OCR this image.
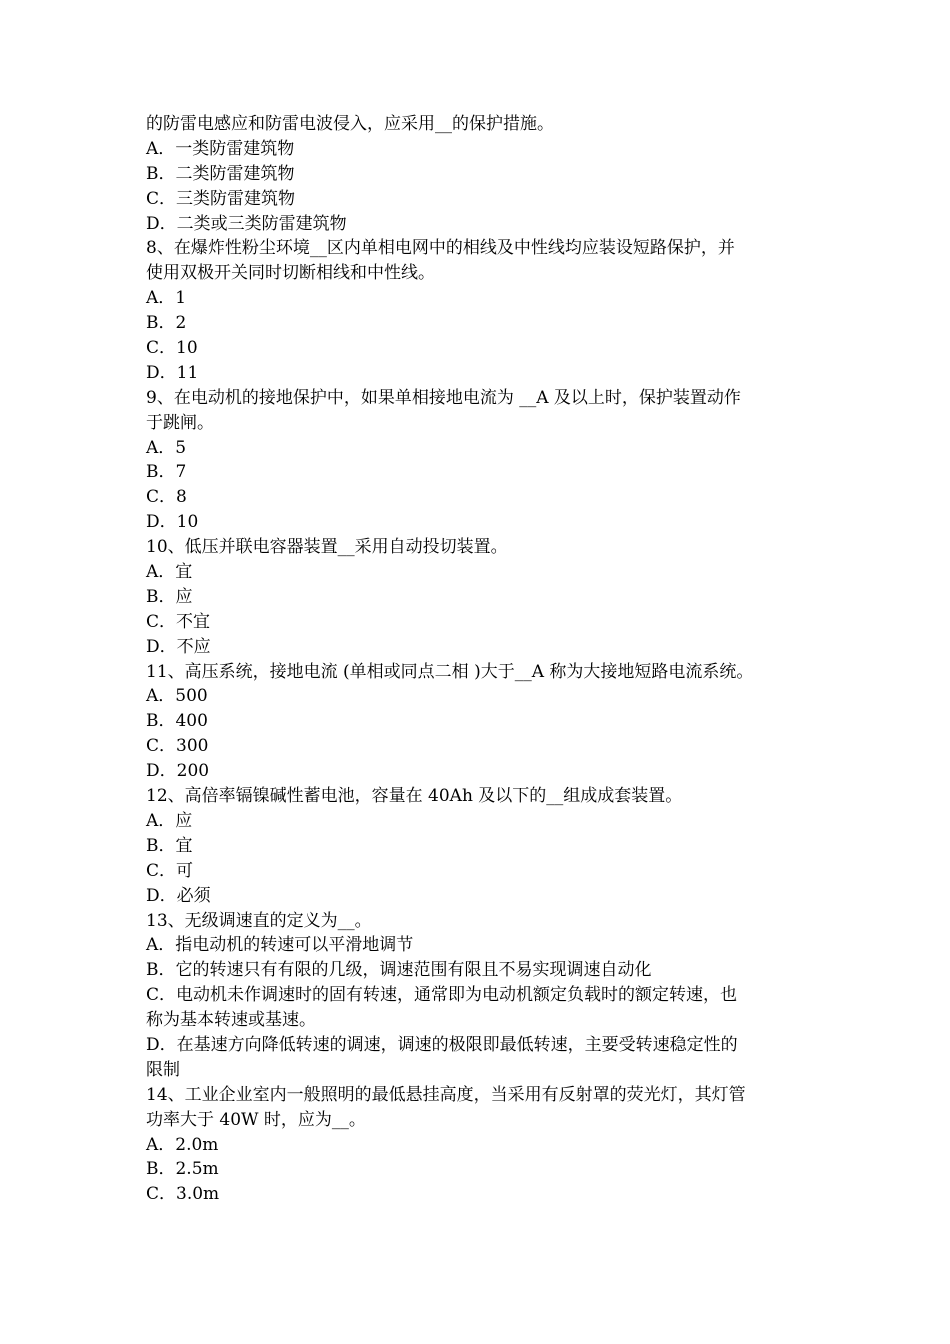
的防雷电感应和防雷电波侵入，应采用__的保护措施。
A．一类防雷建筑物
B．二类防雷建筑物
C．三类防雷建筑物
D．二类或三类防雷建筑物
8、在爆炸性粉尘环境__区内单相电网中的相线及中性线均应装设短路保护，并
使用双极开关同时切断相线和中性线。
A．1
B．2
C．10
D．11
9、在电动机的接地保护中，如果单相接地电流为 __A 及以上时，保护装置动作
于跳闸。
A．5
B．7
C．8
D．10
10、低压并联电容器装置__采用自动投切装置。
A．宜
B．应
C．不宜
D．不应
11、高压系统，接地电流 (单相或同点二相 )大于__A 称为大接地短路电流系统。
A．500
B．400
C．300
D．200
12、高倍率镉镍碱性蓄电池，容量在 40Ah 及以下的__组成成套装置。
A．应
B．宜
C．可
D．必须
13、无级调速直的定义为__。
A．指电动机的转速可以平滑地调节
B．它的转速只有有限的几级，调速范围有限且不易实现调速自动化
C．电动机未作调速时的固有转速，通常即为电动机额定负载时的额定转速，也
称为基本转速或基速。
D．在基速方向降低转速的调速，调速的极限即最低转速，主要受转速稳定性的
限制
14、工业企业室内一般照明的最低悬挂高度，当采用有反射罩的荧光灯，其灯管
功率大于 40W 时，应为__。
A．2.0m
B．2.5m
C．3.0m
